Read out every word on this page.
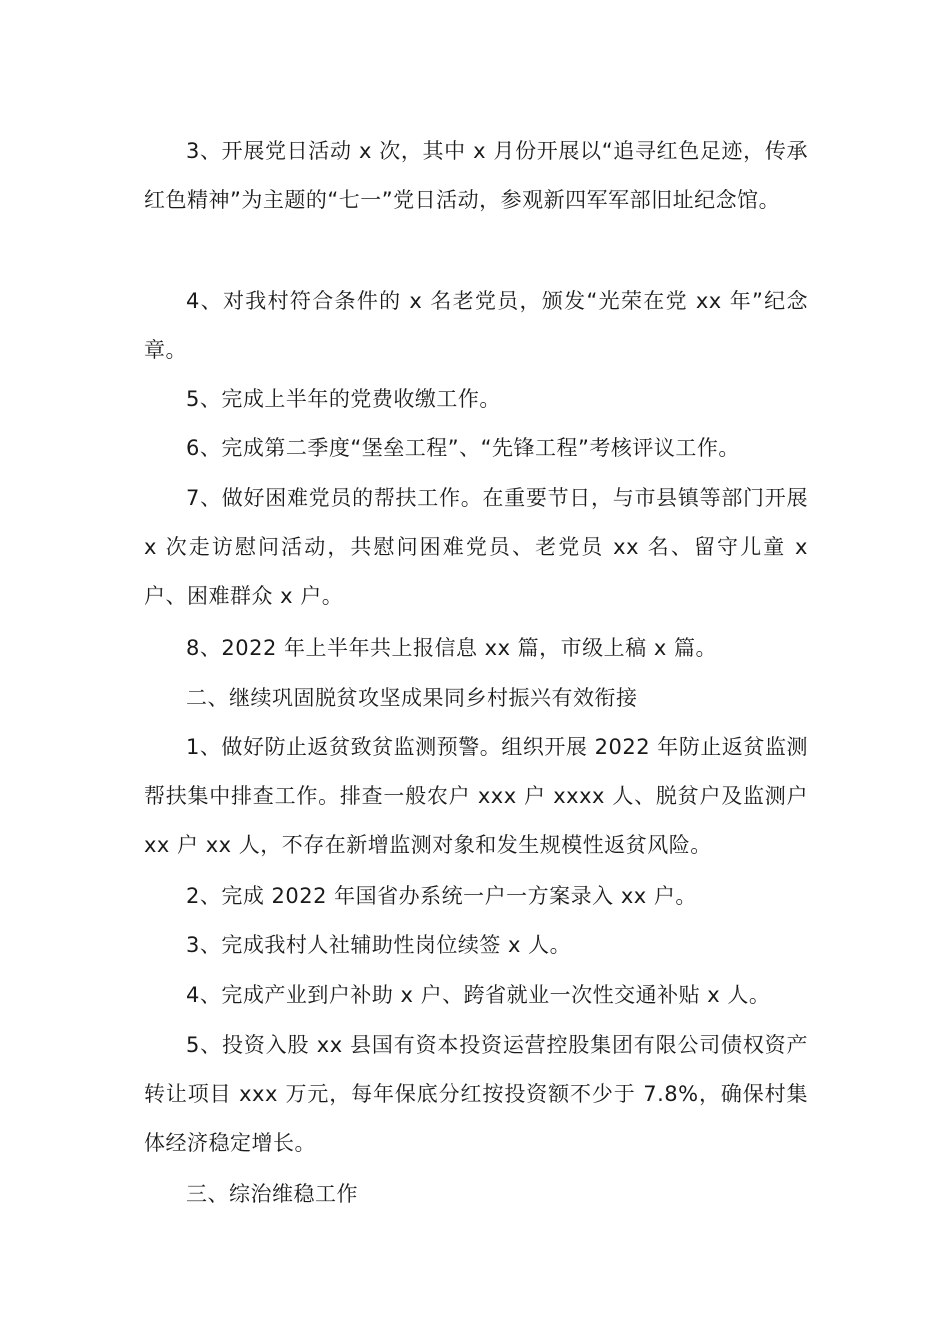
3、开展党日活动 x 次，其中 x 月份开展以“追寻红色足迹，传承红色精神”为主题的“七一”党日活动，参观新四军军部旧址纪念馆。

4、对我村符合条件的 x 名老党员，颁发“光荣在党 xx 年”纪念章。

5、完成上半年的党费收缴工作。

6、完成第二季度“堡垒工程”、“先锋工程”考核评议工作。

7、做好困难党员的帮扶工作。在重要节日，与市县镇等部门开展 x 次走访慰问活动，共慰问困难党员、老党员 xx 名、留守儿童 x 户、困难群众 x 户。

8、2022 年上半年共上报信息 xx 篇，市级上稿 x 篇。

二、继续巩固脱贫攻坚成果同乡村振兴有效衔接

1、做好防止返贫致贫监测预警。组织开展 2022 年防止返贫监测帮扶集中排查工作。排查一般农户 xxx 户 xxxx 人、脱贫户及监测户 xx 户 xx 人，不存在新增监测对象和发生规模性返贫风险。

2、完成 2022 年国省办系统一户一方案录入 xx 户。

3、完成我村人社辅助性岗位续签 x 人。

4、完成产业到户补助 x 户、跨省就业一次性交通补贴 x 人。

5、投资入股 xx 县国有资本投资运营控股集团有限公司债权资产转让项目 xxx 万元，每年保底分红按投资额不少于 7.8%，确保村集体经济稳定增长。

三、综治维稳工作
